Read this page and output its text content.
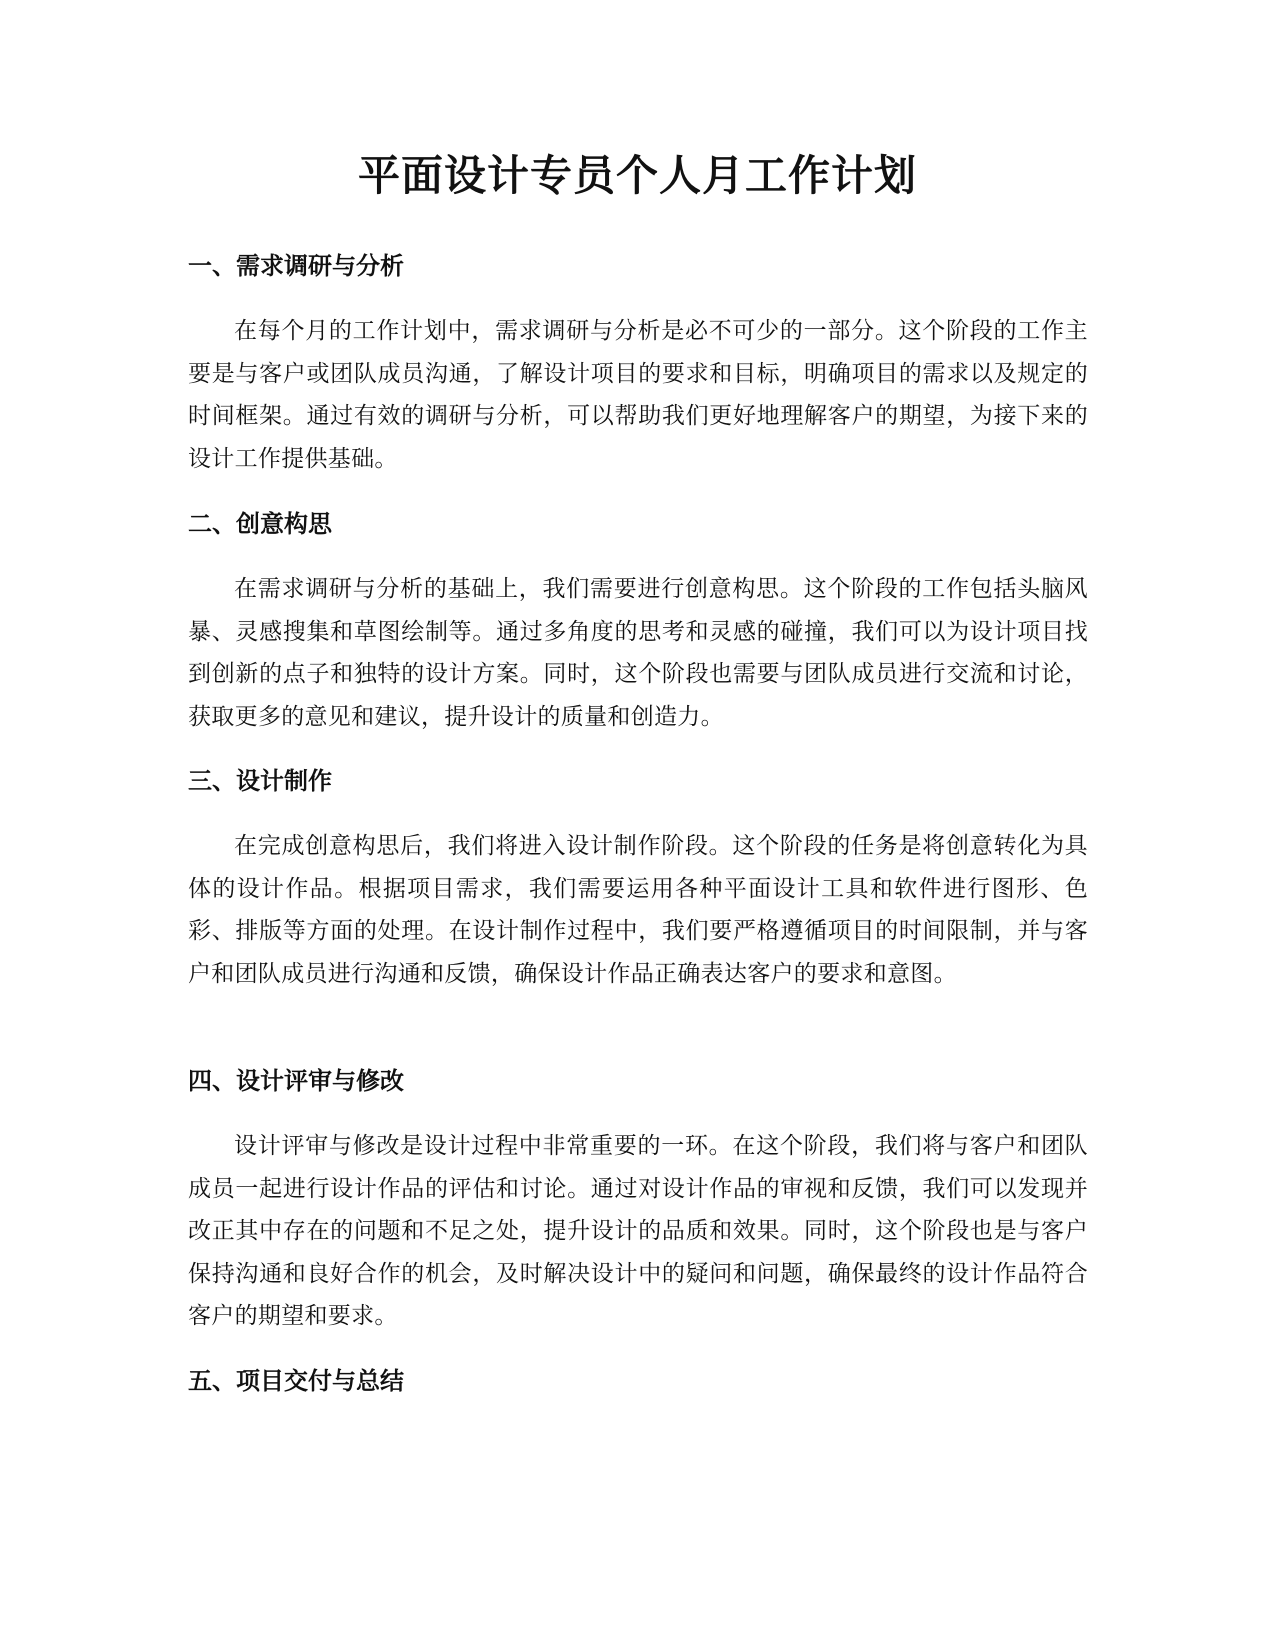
平面设计专员个人月工作计划
一、需求调研与分析

在每个月的工作计划中，需求调研与分析是必不可少的一部分。这个阶段的工作主要是与客户或团队成员沟通，了解设计项目的要求和目标，明确项目的需求以及规定的时间框架。通过有效的调研与分析，可以帮助我们更好地理解客户的期望，为接下来的设计工作提供基础。

二、创意构思

在需求调研与分析的基础上，我们需要进行创意构思。这个阶段的工作包括头脑风暴、灵感搜集和草图绘制等。通过多角度的思考和灵感的碰撞，我们可以为设计项目找到创新的点子和独特的设计方案。同时，这个阶段也需要与团队成员进行交流和讨论，获取更多的意见和建议，提升设计的质量和创造力。

三、设计制作

在完成创意构思后，我们将进入设计制作阶段。这个阶段的任务是将创意转化为具体的设计作品。根据项目需求，我们需要运用各种平面设计工具和软件进行图形、色彩、排版等方面的处理。在设计制作过程中，我们要严格遵循项目的时间限制，并与客户和团队成员进行沟通和反馈，确保设计作品正确表达客户的要求和意图。

四、设计评审与修改

设计评审与修改是设计过程中非常重要的一环。在这个阶段，我们将与客户和团队成员一起进行设计作品的评估和讨论。通过对设计作品的审视和反馈，我们可以发现并改正其中存在的问题和不足之处，提升设计的品质和效果。同时，这个阶段也是与客户保持沟通和良好合作的机会，及时解决设计中的疑问和问题，确保最终的设计作品符合客户的期望和要求。

五、项目交付与总结
